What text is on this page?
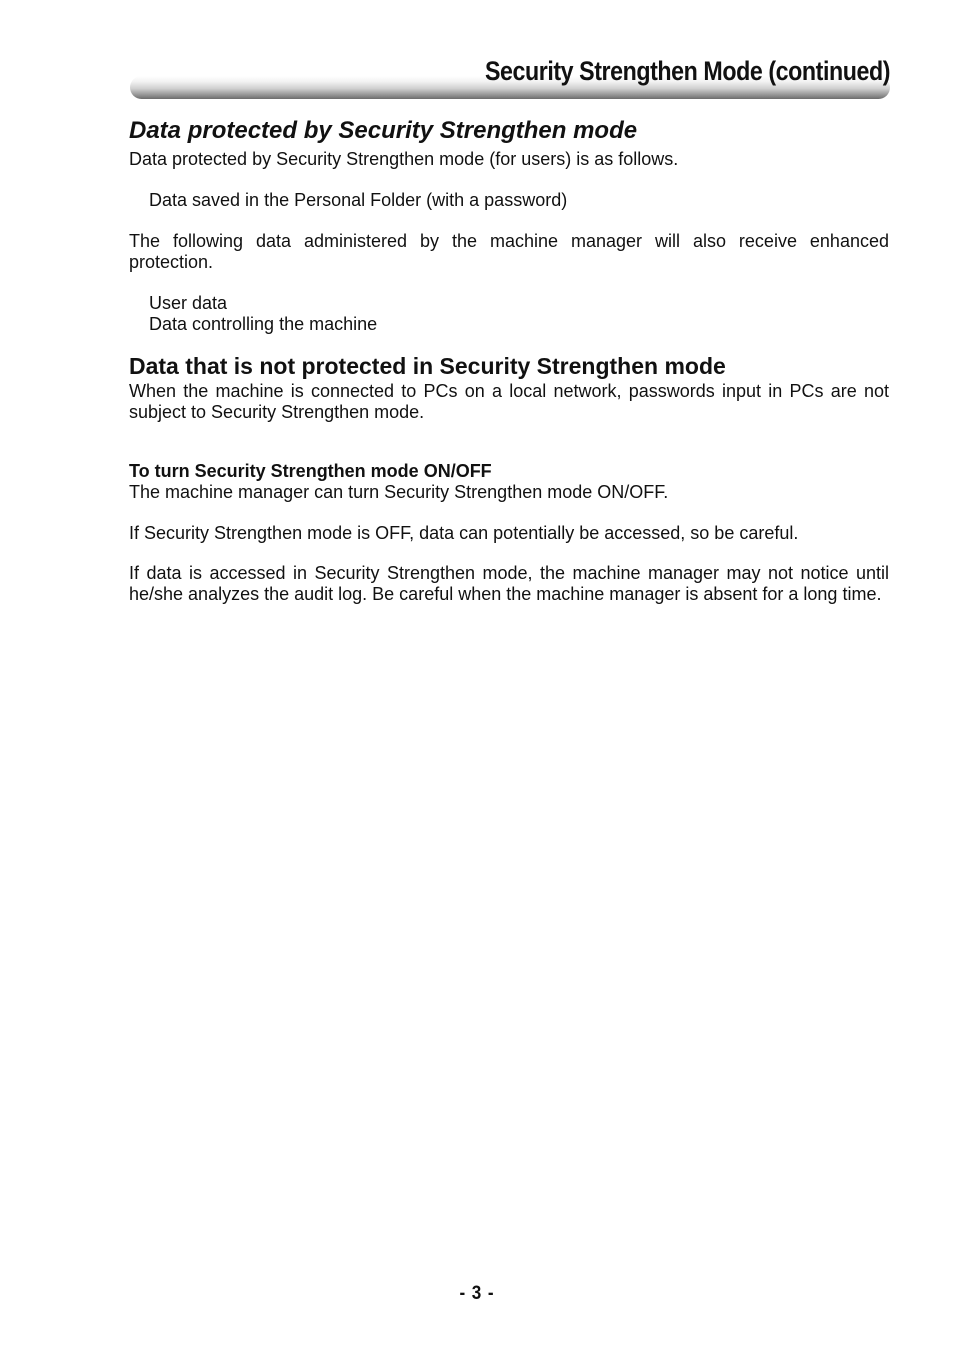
Security Strengthen Mode (continued)
Data protected by Security Strengthen mode

Data protected by Security Strengthen mode (for users) is as follows.

Data saved in the Personal Folder (with a password)

The following data administered by the machine manager will also receive enhanced protection.

User data

Data controlling the machine

Data that is not protected in Security Strengthen mode

When the machine is connected to PCs on a local network, passwords input in PCs are not subject to Security Strengthen mode.

To turn Security Strengthen mode ON/OFF

The machine manager can turn Security Strengthen mode ON/OFF.

If Security Strengthen mode is OFF, data can potentially be accessed, so be careful.

If data is accessed in Security Strengthen mode, the machine manager may not notice until he/she analyzes the audit log. Be careful when the machine manager is absent for a long time.

- 3 -
